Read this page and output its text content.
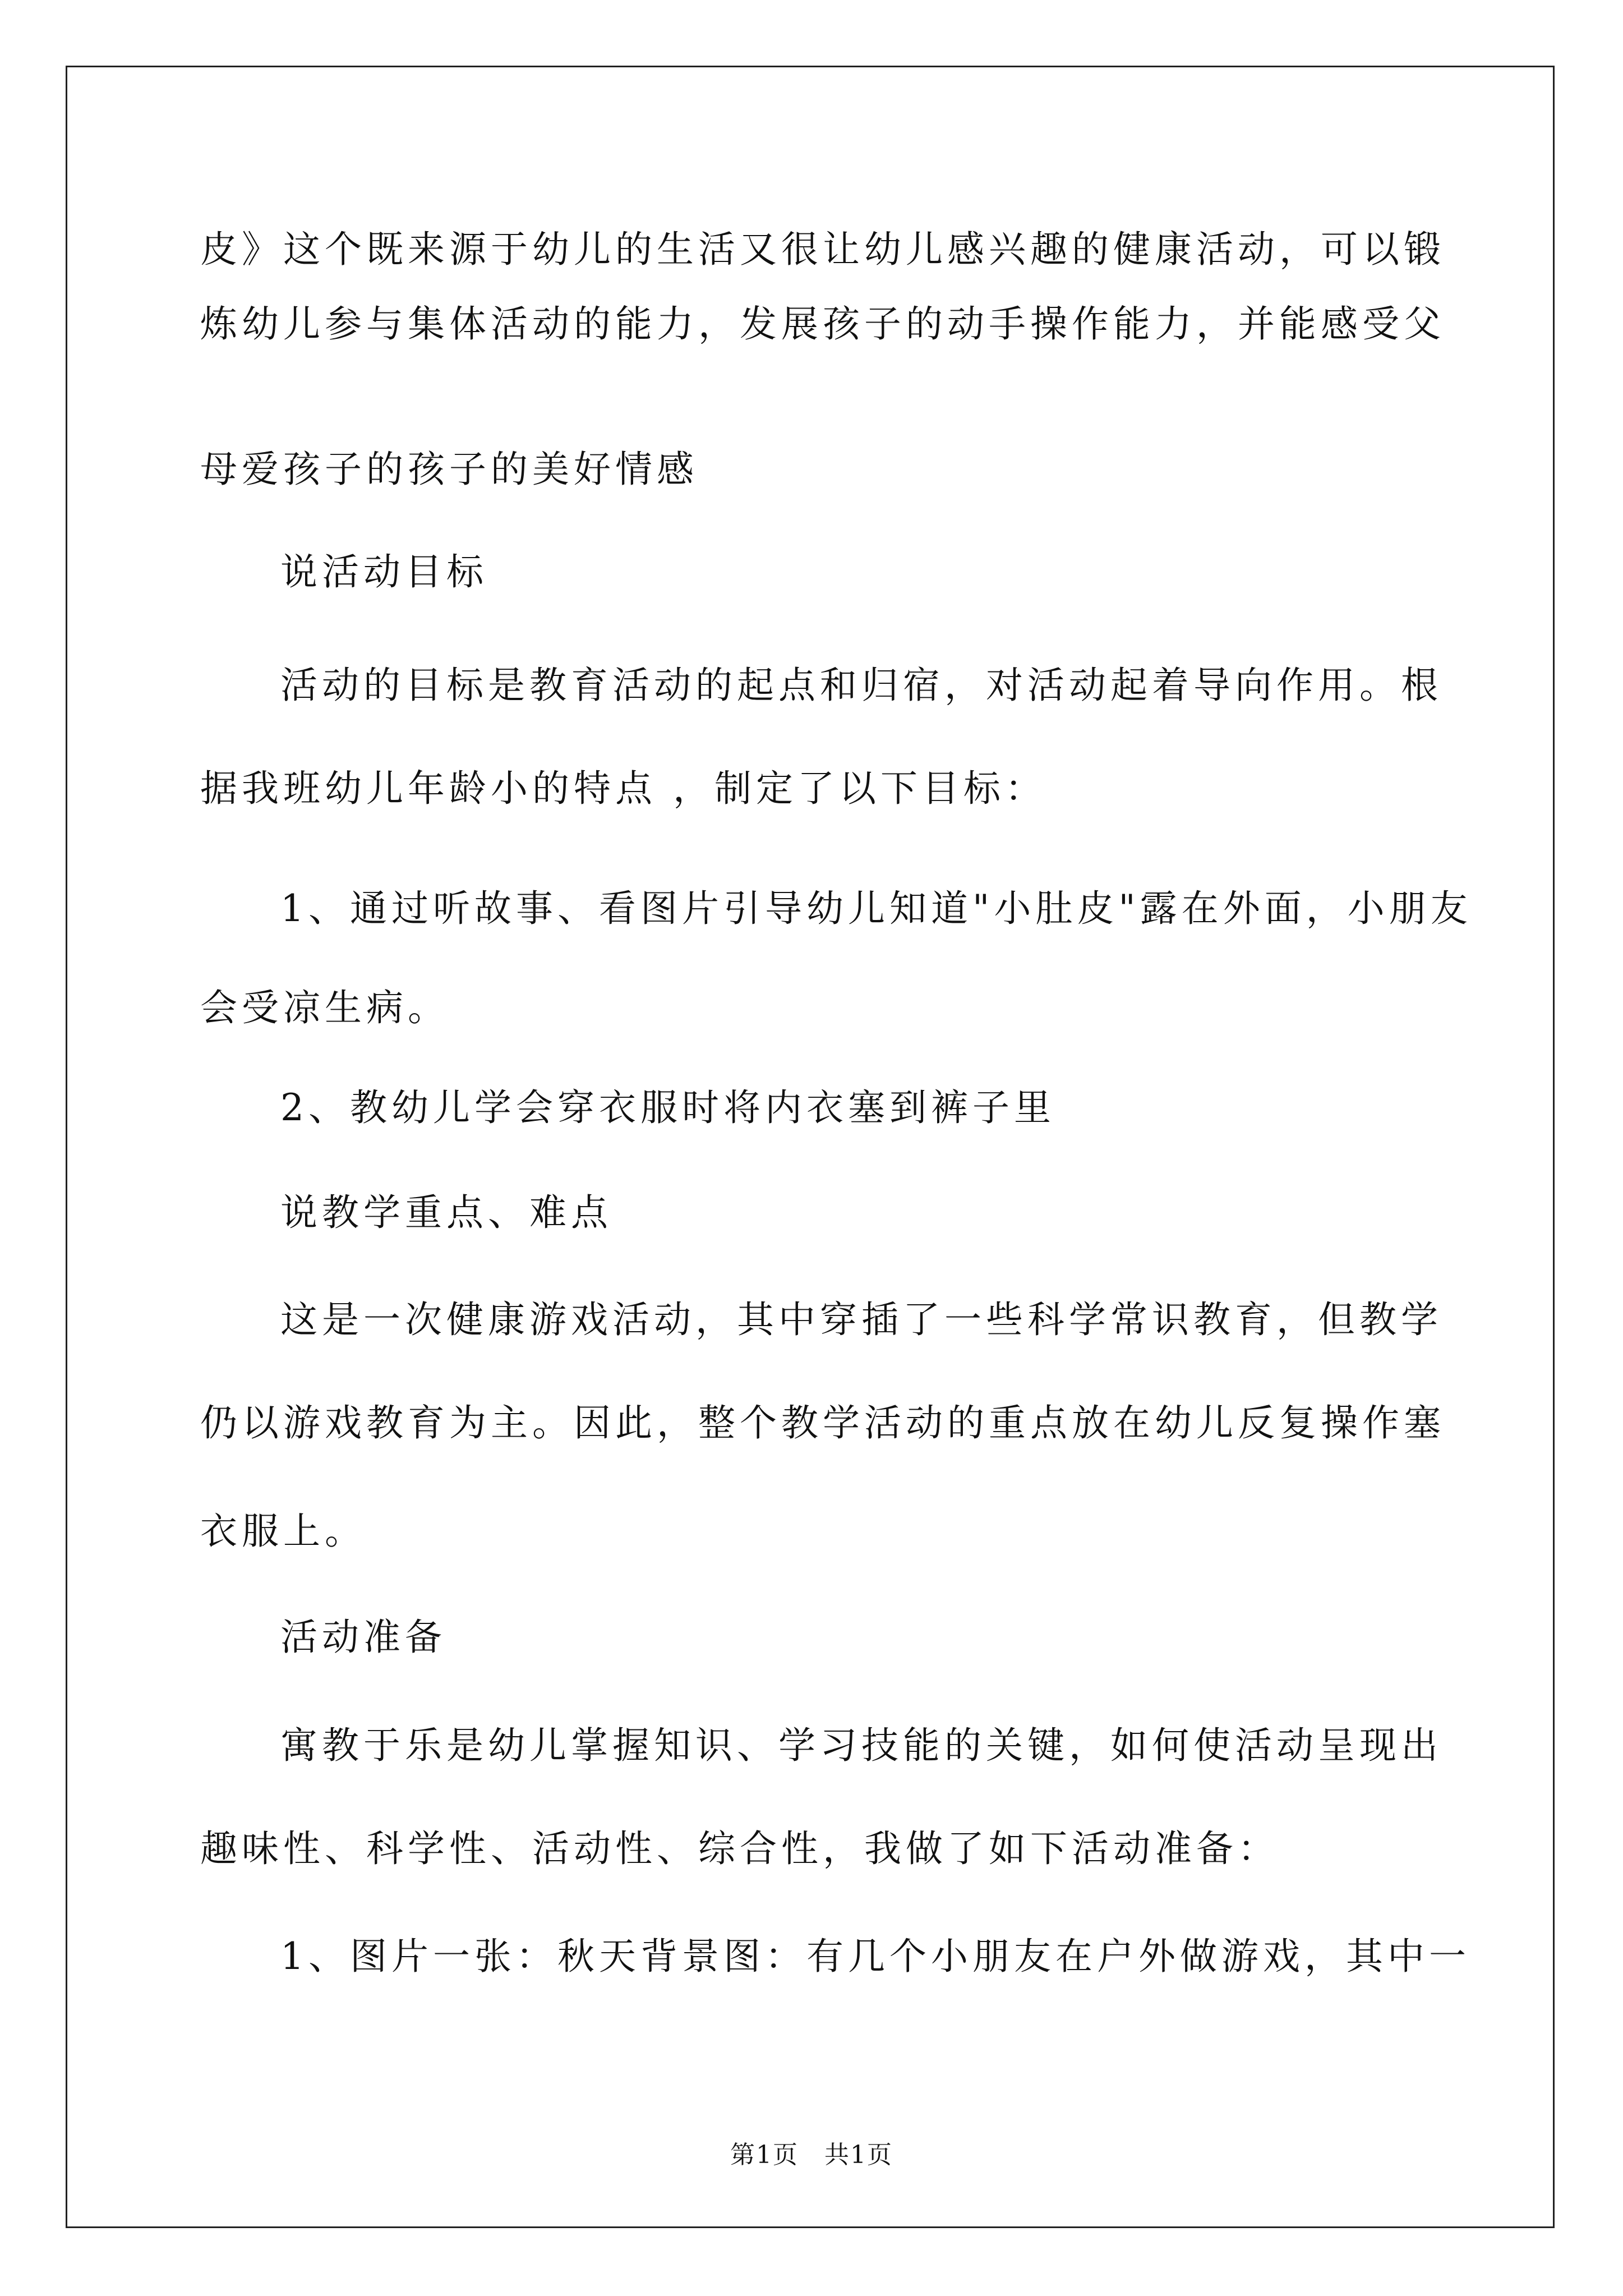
皮》这个既来源于幼儿的生活又很让幼儿感兴趣的健康活动，可以锻
炼幼儿参与集体活动的能力，发展孩子的动手操作能力，并能感受父
母爱孩子的孩子的美好情感
说活动目标
活动的目标是教育活动的起点和归宿，对活动起着导向作用。根
据我班幼儿年龄小的特点 ，制定了以下目标：
1、通过听故事、看图片引导幼儿知道"小肚皮"露在外面，小朋友
会受凉生病。
2、教幼儿学会穿衣服时将内衣塞到裤子里
说教学重点、难点
这是一次健康游戏活动，其中穿插了一些科学常识教育，但教学
仍以游戏教育为主。因此，整个教学活动的重点放在幼儿反复操作塞
衣服上。
活动准备
寓教于乐是幼儿掌握知识、学习技能的关键，如何使活动呈现出
趣味性、科学性、活动性、综合性，我做了如下活动准备：
1、图片一张：秋天背景图：有几个小朋友在户外做游戏，其中一
第1页　共1页
